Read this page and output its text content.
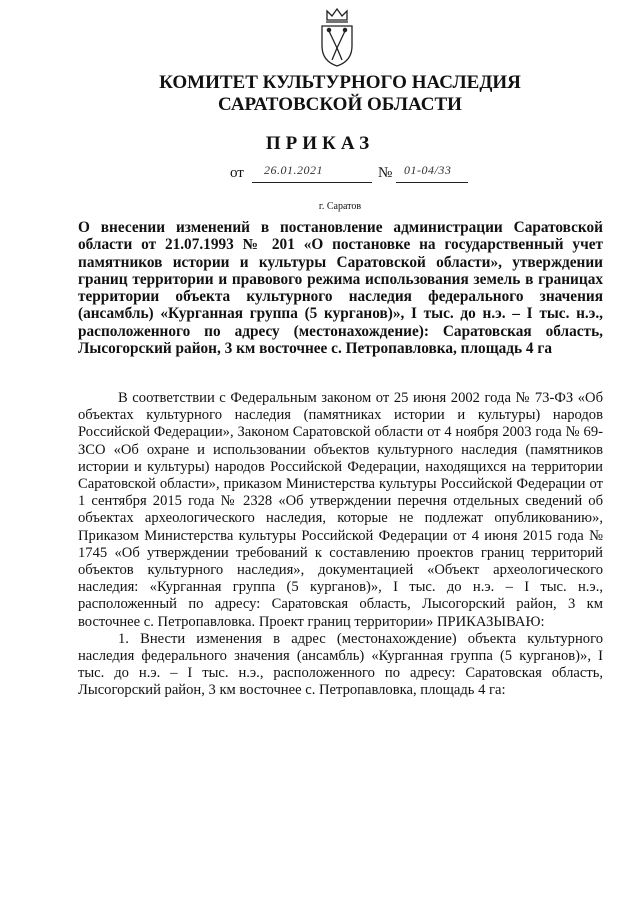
КОМИТЕТ КУЛЬТУРНОГО НАСЛЕДИЯ
САРАТОВСКОЙ ОБЛАСТИ
ПРИКАЗ
от 26.01.2021	№ 01-04/33
г. Саратов
О внесении изменений в постановление администрации Саратовской области от 21.07.1993 № 201 «О постановке на государственный учет памятников истории и культуры Саратовской области», утверждении границ территории и правового режима использования земель в границах территории объекта культурного наследия федерального значения (ансамбль) «Курганная группа (5 курганов)», I тыс. до н.э. – I тыс. н.э., расположенного по адресу (местонахождение): Саратовская область, Лысогорский район, 3 км восточнее с. Петропавловка, площадь 4 га

В соответствии с Федеральным законом от 25 июня 2002 года № 73-ФЗ «Об объектах культурного наследия (памятниках истории и культуры) народов Российской Федерации», Законом Саратовской области от 4 ноября 2003 года № 69-ЗСО «Об охране и использовании объектов культурного наследия (памятников истории и культуры) народов Российской Федерации, находящихся на территории Саратовской области», приказом Министерства культуры Российской Федерации от 1 сентября 2015 года № 2328 «Об утверждении перечня отдельных сведений об объектах археологического наследия, которые не подлежат опубликованию», Приказом Министерства культуры Российской Федерации от 4 июня 2015 года № 1745 «Об утверждении требований к составлению проектов границ территорий объектов культурного наследия», документацией «Объект археологического наследия: «Курганная группа (5 курганов)», I тыс. до н.э. – I тыс. н.э., расположенный по адресу: Саратовская область, Лысогорский район, 3 км восточнее с. Петропавловка. Проект границ территории» ПРИКАЗЫВАЮ:

1. Внести изменения в адрес (местонахождение) объекта культурного наследия федерального значения (ансамбль) «Курганная группа (5 курганов)», I тыс. до н.э. – I тыс. н.э., расположенного по адресу: Саратовская область, Лысогорский район, 3 км восточнее с. Петропавловка, площадь 4 га:
